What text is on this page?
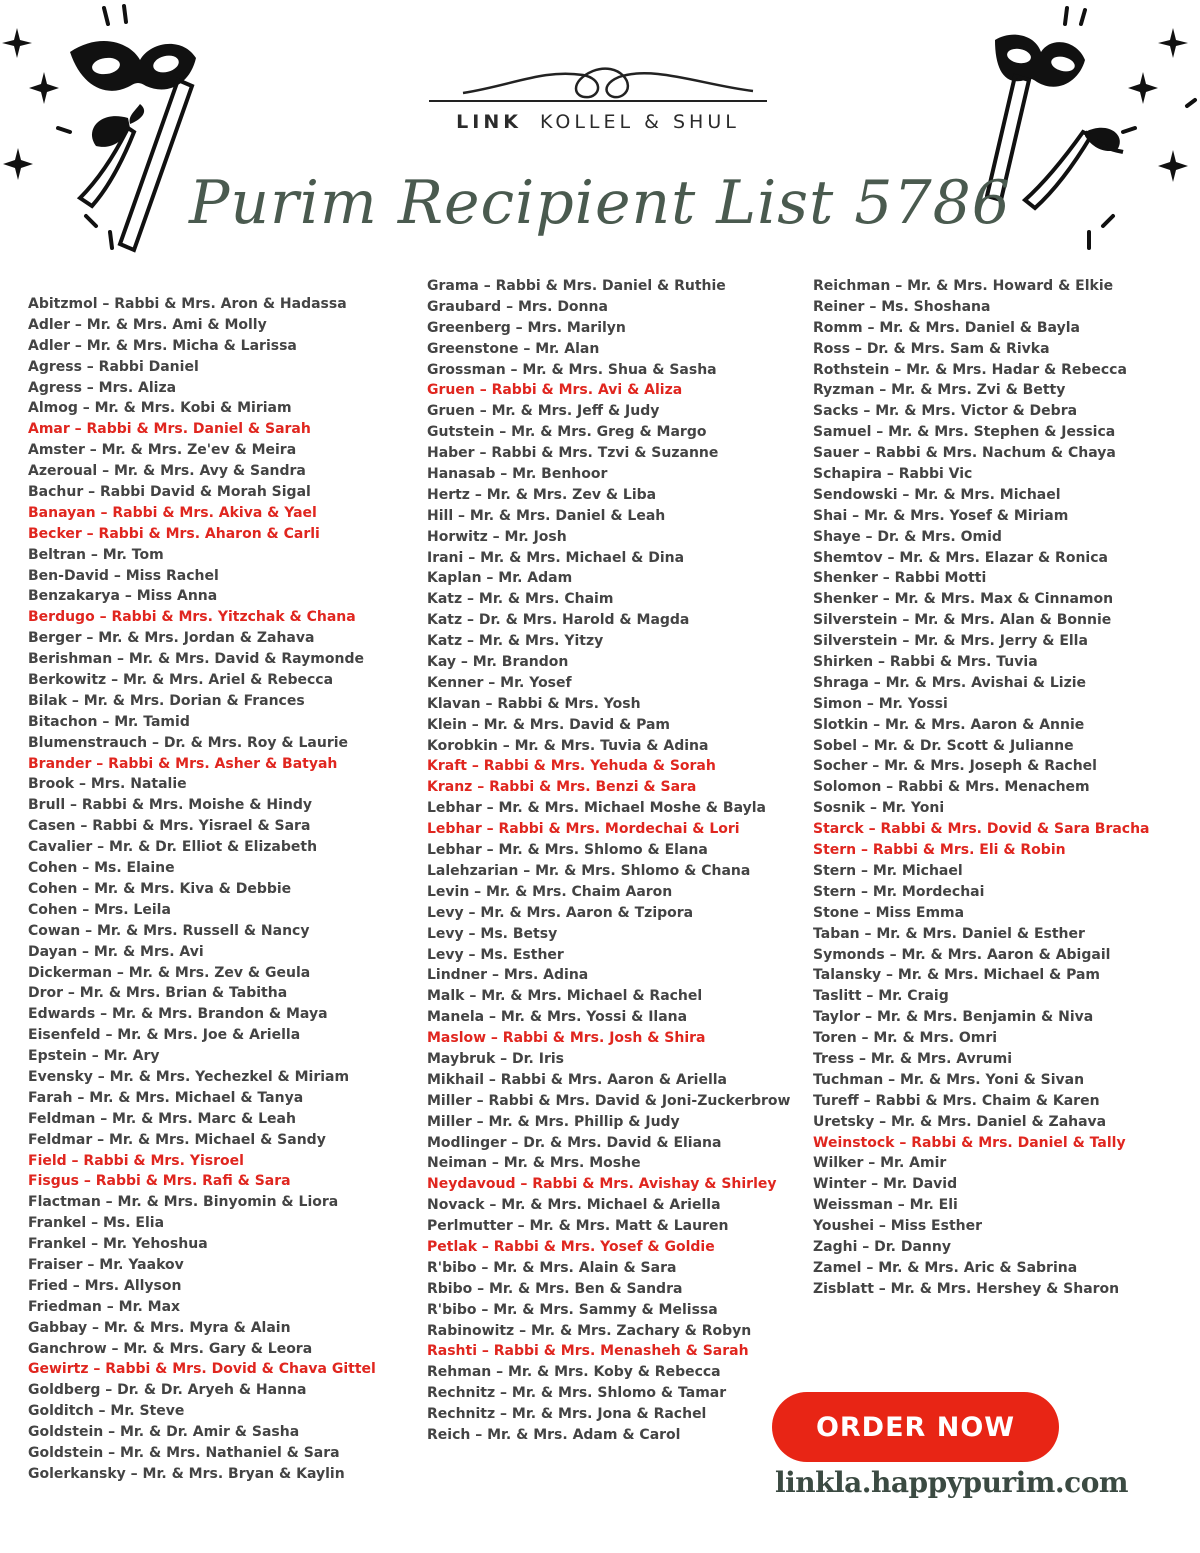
LINK KOLLEL & SHUL
Purim Recipient List 5786
Abitzmol – Rabbi & Mrs. Aron & Hadassa
Adler – Mr. & Mrs. Ami & Molly
Adler – Mr. & Mrs. Micha & Larissa
Agress – Rabbi Daniel
Agress – Mrs. Aliza
Almog – Mr. & Mrs. Kobi & Miriam
Amar – Rabbi & Mrs. Daniel & Sarah
Amster – Mr. & Mrs. Ze'ev & Meira
Azeroual – Mr. & Mrs. Avy & Sandra
Bachur – Rabbi David & Morah Sigal
Banayan – Rabbi & Mrs. Akiva & Yael
Becker – Rabbi & Mrs. Aharon & Carli
Beltran – Mr. Tom
Ben-David – Miss Rachel
Benzakarya – Miss Anna
Berdugo – Rabbi & Mrs. Yitzchak & Chana
Berger – Mr. & Mrs. Jordan & Zahava
Berishman – Mr. & Mrs. David & Raymonde
Berkowitz – Mr. & Mrs. Ariel & Rebecca
Bilak – Mr. & Mrs. Dorian & Frances
Bitachon – Mr. Tamid
Blumenstrauch – Dr. & Mrs. Roy & Laurie
Brander – Rabbi & Mrs. Asher & Batyah
Brook – Mrs. Natalie
Brull – Rabbi & Mrs. Moishe & Hindy
Casen – Rabbi & Mrs. Yisrael & Sara
Cavalier – Mr. & Dr. Elliot & Elizabeth
Cohen – Ms. Elaine
Cohen – Mr. & Mrs. Kiva & Debbie
Cohen – Mrs. Leila
Cowan – Mr. & Mrs. Russell & Nancy
Dayan – Mr. & Mrs. Avi
Dickerman – Mr. & Mrs. Zev & Geula
Dror – Mr. & Mrs. Brian & Tabitha
Edwards – Mr. & Mrs. Brandon & Maya
Eisenfeld – Mr. & Mrs. Joe & Ariella
Epstein – Mr. Ary
Evensky – Mr. & Mrs. Yechezkel & Miriam
Farah – Mr. & Mrs. Michael & Tanya
Feldman – Mr. & Mrs. Marc & Leah
Feldmar – Mr. & Mrs. Michael & Sandy
Field – Rabbi & Mrs. Yisroel
Fisgus – Rabbi & Mrs. Rafi & Sara
Flactman – Mr. & Mrs. Binyomin & Liora
Frankel – Ms. Elia
Frankel – Mr. Yehoshua
Fraiser – Mr. Yaakov
Fried – Mrs. Allyson
Friedman – Mr. Max
Gabbay – Mr. & Mrs. Myra & Alain
Ganchrow – Mr. & Mrs. Gary & Leora
Gewirtz – Rabbi & Mrs. Dovid & Chava Gittel
Goldberg – Dr. & Dr. Aryeh & Hanna
Golditch – Mr. Steve
Goldstein – Mr. & Dr. Amir & Sasha
Goldstein – Mr. & Mrs. Nathaniel & Sara
Golerkansky – Mr. & Mrs. Bryan & Kaylin
Grama – Rabbi & Mrs. Daniel & Ruthie
Graubard – Mrs. Donna
Greenberg – Mrs. Marilyn
Greenstone – Mr. Alan
Grossman – Mr. & Mrs. Shua & Sasha
Gruen – Rabbi & Mrs. Avi & Aliza
Gruen – Mr. & Mrs. Jeff & Judy
Gutstein – Mr. & Mrs. Greg & Margo
Haber – Rabbi & Mrs. Tzvi & Suzanne
Hanasab – Mr. Benhoor
Hertz – Mr. & Mrs. Zev & Liba
Hill – Mr. & Mrs. Daniel & Leah
Horwitz – Mr. Josh
Irani – Mr. & Mrs. Michael & Dina
Kaplan – Mr. Adam
Katz – Mr. & Mrs. Chaim
Katz – Dr. & Mrs. Harold & Magda
Katz – Mr. & Mrs. Yitzy
Kay – Mr. Brandon
Kenner – Mr. Yosef
Klavan – Rabbi & Mrs. Yosh
Klein – Mr. & Mrs. David & Pam
Korobkin – Mr. & Mrs. Tuvia & Adina
Kraft – Rabbi & Mrs. Yehuda & Sorah
Kranz – Rabbi & Mrs. Benzi & Sara
Lebhar – Mr. & Mrs. Michael Moshe & Bayla
Lebhar – Rabbi & Mrs. Mordechai & Lori
Lebhar – Mr. & Mrs. Shlomo & Elana
Lalehzarian – Mr. & Mrs. Shlomo & Chana
Levin – Mr. & Mrs. Chaim Aaron
Levy – Mr. & Mrs. Aaron & Tzipora
Levy – Ms. Betsy
Levy – Ms. Esther
Lindner – Mrs. Adina
Malk – Mr. & Mrs. Michael & Rachel
Manela – Mr. & Mrs. Yossi & Ilana
Maslow – Rabbi & Mrs. Josh & Shira
Maybruk – Dr. Iris
Mikhail – Rabbi & Mrs. Aaron & Ariella
Miller – Rabbi & Mrs. David & Joni-Zuckerbrow
Miller – Mr. & Mrs. Phillip & Judy
Modlinger – Dr. & Mrs. David & Eliana
Neiman – Mr. & Mrs. Moshe
Neydavoud – Rabbi & Mrs. Avishay & Shirley
Novack – Mr. & Mrs. Michael & Ariella
Perlmutter – Mr. & Mrs. Matt & Lauren
Petlak – Rabbi & Mrs. Yosef & Goldie
R'bibo – Mr. & Mrs. Alain & Sara
Rbibo – Mr. & Mrs. Ben & Sandra
R'bibo – Mr. & Mrs. Sammy & Melissa
Rabinowitz – Mr. & Mrs. Zachary & Robyn
Rashti – Rabbi & Mrs. Menasheh & Sarah
Rehman – Mr. & Mrs. Koby & Rebecca
Rechnitz – Mr. & Mrs. Shlomo & Tamar
Rechnitz – Mr. & Mrs. Jona & Rachel
Reich – Mr. & Mrs. Adam & Carol
Reichman – Mr. & Mrs. Howard & Elkie
Reiner – Ms. Shoshana
Romm – Mr. & Mrs. Daniel & Bayla
Ross – Dr. & Mrs. Sam & Rivka
Rothstein – Mr. & Mrs. Hadar & Rebecca
Ryzman – Mr. & Mrs. Zvi & Betty
Sacks – Mr. & Mrs. Victor & Debra
Samuel – Mr. & Mrs. Stephen & Jessica
Sauer – Rabbi & Mrs. Nachum & Chaya
Schapira – Rabbi Vic
Sendowski – Mr. & Mrs. Michael
Shai – Mr. & Mrs. Yosef & Miriam
Shaye – Dr. & Mrs. Omid
Shemtov – Mr. & Mrs. Elazar & Ronica
Shenker – Rabbi Motti
Shenker – Mr. & Mrs. Max & Cinnamon
Silverstein – Mr. & Mrs. Alan & Bonnie
Silverstein – Mr. & Mrs. Jerry & Ella
Shirken – Rabbi & Mrs. Tuvia
Shraga – Mr. & Mrs. Avishai & Lizie
Simon – Mr. Yossi
Slotkin – Mr. & Mrs. Aaron & Annie
Sobel – Mr. & Dr. Scott & Julianne
Socher – Mr. & Mrs. Joseph & Rachel
Solomon – Rabbi & Mrs. Menachem
Sosnik – Mr. Yoni
Starck – Rabbi & Mrs. Dovid & Sara Bracha
Stern – Rabbi & Mrs. Eli & Robin
Stern – Mr. Michael
Stern – Mr. Mordechai
Stone – Miss Emma
Taban – Mr. & Mrs. Daniel & Esther
Symonds – Mr. & Mrs. Aaron & Abigail
Talansky – Mr. & Mrs. Michael & Pam
Taslitt – Mr. Craig
Taylor – Mr. & Mrs. Benjamin & Niva
Toren – Mr. & Mrs. Omri
Tress – Mr. & Mrs. Avrumi
Tuchman – Mr. & Mrs. Yoni & Sivan
Tureff – Rabbi & Mrs. Chaim & Karen
Uretsky – Mr. & Mrs. Daniel & Zahava
Weinstock – Rabbi & Mrs. Daniel & Tally
Wilker – Mr. Amir
Winter – Mr. David
Weissman – Mr. Eli
Youshei – Miss Esther
Zaghi – Dr. Danny
Zamel – Mr. & Mrs. Aric & Sabrina
Zisblatt – Mr. & Mrs. Hershey & Sharon
ORDER NOW
linkla.happypurim.com
